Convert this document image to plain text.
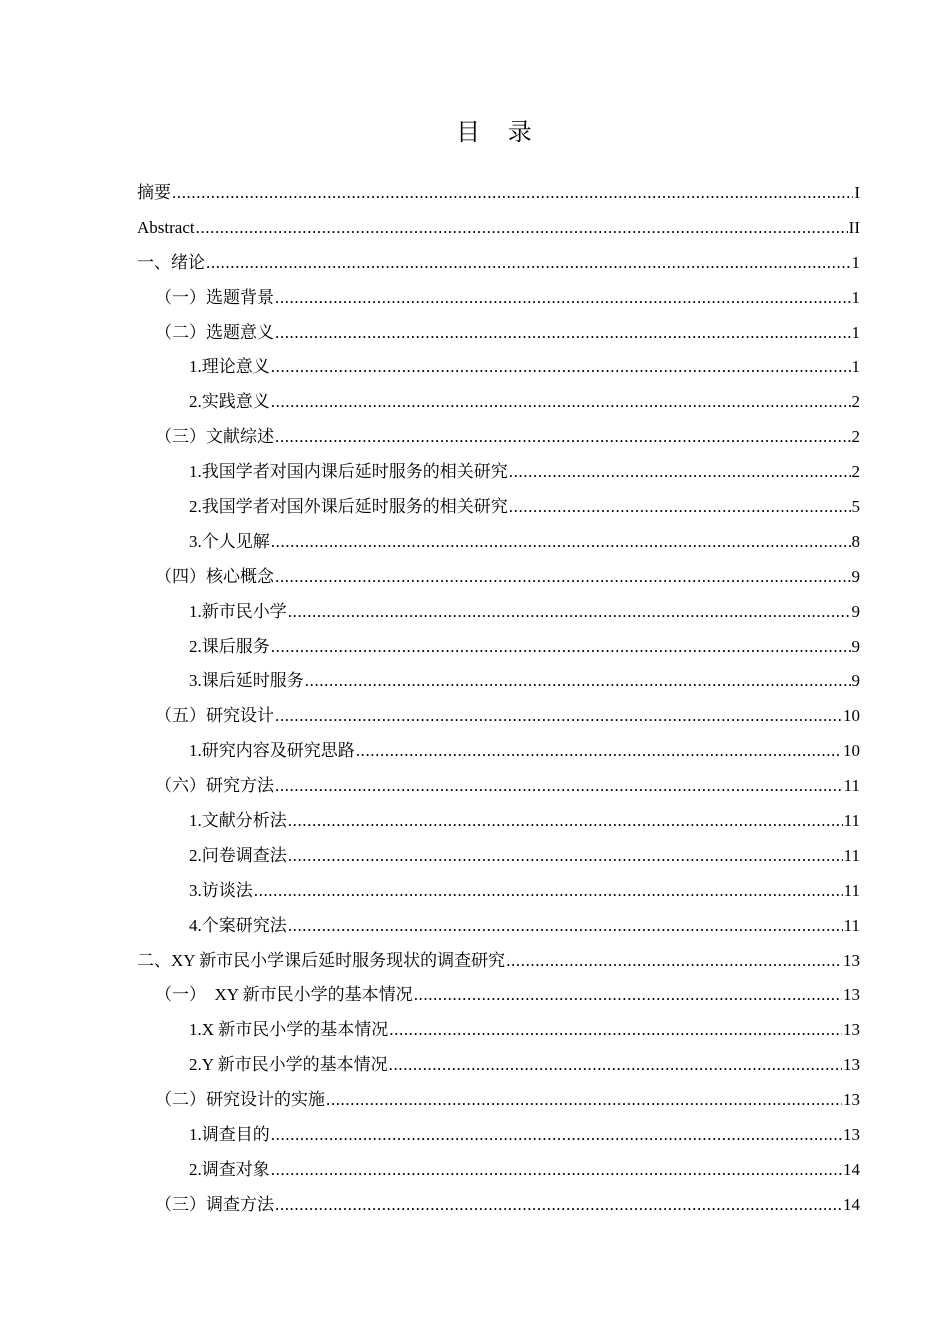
目 录
摘要 .....	I
Abstract .....	II
一、绪论 .....	1
（一）选题背景 .....	1
（二）选题意义 .....	1
1.理论意义 .....	1
2.实践意义 .....	2
（三）文献综述 .....	2
1.我国学者对国内课后延时服务的相关研究 .....	2
2.我国学者对国外课后延时服务的相关研究 .....	5
3.个人见解 .....	8
（四）核心概念 .....	9
1.新市民小学 .....	9
2.课后服务 .....	9
3.课后延时服务 .....	9
（五）研究设计 .....	10
1.研究内容及研究思路 .....	10
（六）研究方法 .....	11
1.文献分析法 .....	11
2.问卷调查法 .....	11
3.访谈法 .....	11
4.个案研究法 .....	11
二、XY 新市民小学课后延时服务现状的调查研究 .....	13
（一）  XY 新市民小学的基本情况 .....	13
1.X 新市民小学的基本情况 .....	13
2.Y 新市民小学的基本情况 .....	13
（二）研究设计的实施 .....	13
1.调查目的 .....	13
2.调查对象 .....	14
（三）调查方法 .....	14
